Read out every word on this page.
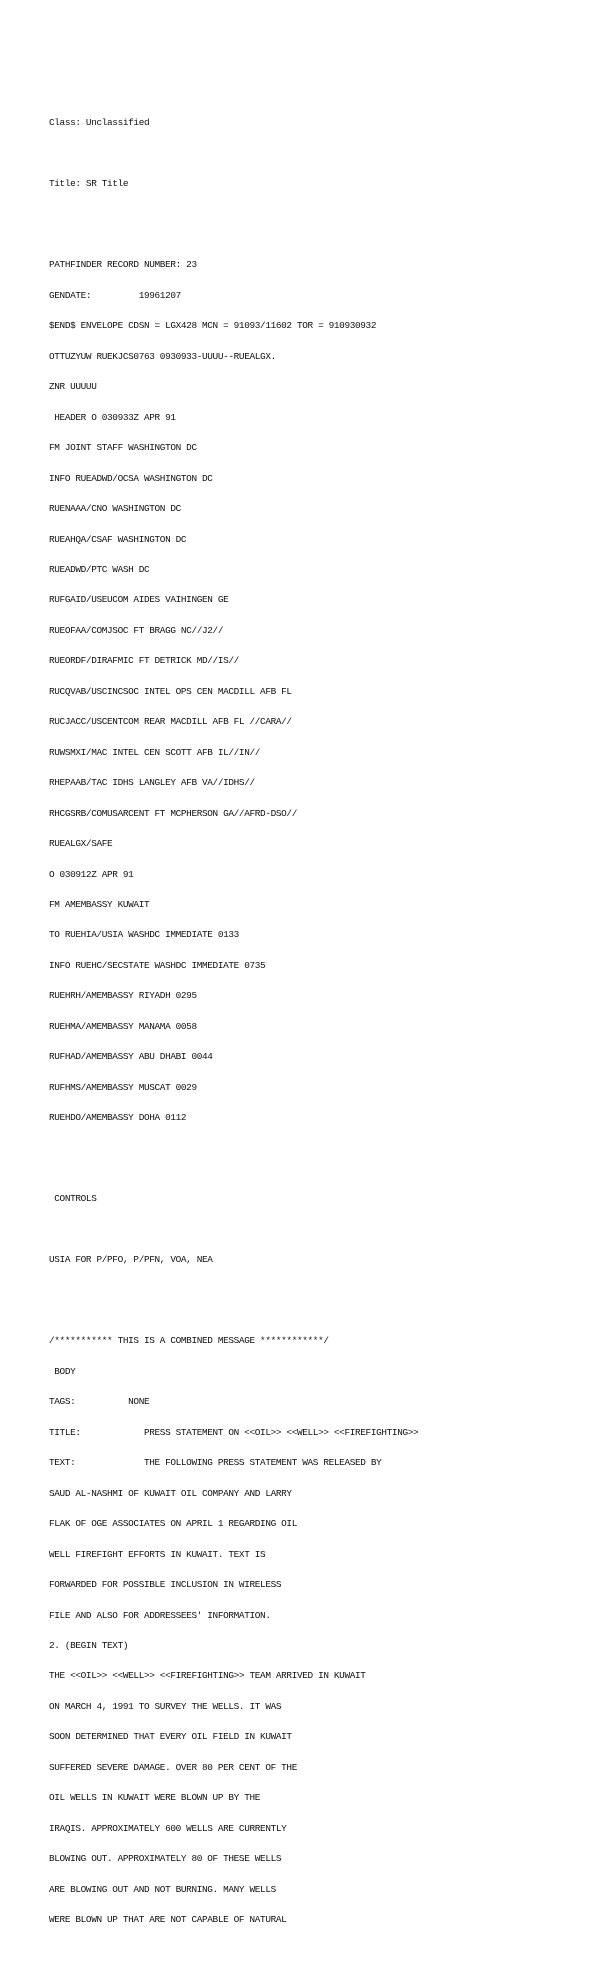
Class: Unclassified

Title: SR Title

PATHFINDER RECORD NUMBER: 23

GENDATE:         19961207

$END$ ENVELOPE CDSN = LGX428 MCN = 91093/11602 TOR = 910930932

OTTUZYUW RUEKJCS0763 0930933-UUUU--RUEALGX.

ZNR UUUUU

HEADER O 030933Z APR 91

FM JOINT STAFF WASHINGTON DC

INFO RUEADWD/OCSA WASHINGTON DC

RUENAAA/CNO WASHINGTON DC

RUEAHQA/CSAF WASHINGTON DC

RUEADWD/PTC WASH DC

RUFGAID/USEUCOM AIDES VAIHINGEN GE

RUEOFAA/COMJSOC FT BRAGG NC//J2//

RUEORDF/DIRAFMIC FT DETRICK MD//IS//

RUCQVAB/USCINCSOC INTEL OPS CEN MACDILL AFB FL

RUCJACC/USCENTCOM REAR MACDILL AFB FL //CARA//

RUWSMXI/MAC INTEL CEN SCOTT AFB IL//IN//

RHEPAAB/TAC IDHS LANGLEY AFB VA//IDHS//

RHCGSRB/COMUSARCENT FT MCPHERSON GA//AFRD-DSO//

RUEALGX/SAFE

O 030912Z APR 91

FM AMEMBASSY KUWAIT

TO RUEHIA/USIA WASHDC IMMEDIATE 0133

INFO RUEHC/SECSTATE WASHDC IMMEDIATE 0735

RUEHRH/AMEMBASSY RIYADH 0295

RUEHMA/AMEMBASSY MANAMA 0058

RUFHAD/AMEMBASSY ABU DHABI 0044

RUFHMS/AMEMBASSY MUSCAT 0029

RUEHDO/AMEMBASSY DOHA 0112

CONTROLS

USIA FOR P/PFO, P/PFN, VOA, NEA

/*********** THIS IS A COMBINED MESSAGE ************/

BODY

TAGS:          NONE

TITLE:            PRESS STATEMENT ON <<OIL>> <<WELL>> <<FIREFIGHTING>>

TEXT:             THE FOLLOWING PRESS STATEMENT WAS RELEASED BY

SAUD AL-NASHMI OF KUWAIT OIL COMPANY AND LARRY

FLAK OF OGE ASSOCIATES ON APRIL 1 REGARDING OIL

WELL FIREFIGHT EFFORTS IN KUWAIT. TEXT IS

FORWARDED FOR POSSIBLE INCLUSION IN WIRELESS

FILE AND ALSO FOR ADDRESSEES' INFORMATION.

2. (BEGIN TEXT)

THE <<OIL>> <<WELL>> <<FIREFIGHTING>> TEAM ARRIVED IN KUWAIT

ON MARCH 4, 1991 TO SURVEY THE WELLS. IT WAS

SOON DETERMINED THAT EVERY OIL FIELD IN KUWAIT

SUFFERED SEVERE DAMAGE. OVER 80 PER CENT OF THE

OIL WELLS IN KUWAIT WERE BLOWN UP BY THE

IRAQIS. APPROXIMATELY 600 WELLS ARE CURRENTLY

BLOWING OUT. APPROXIMATELY 80 OF THESE WELLS

ARE BLOWING OUT AND NOT BURNING. MANY WELLS

WERE BLOWN UP THAT ARE NOT CAPABLE OF NATURAL
